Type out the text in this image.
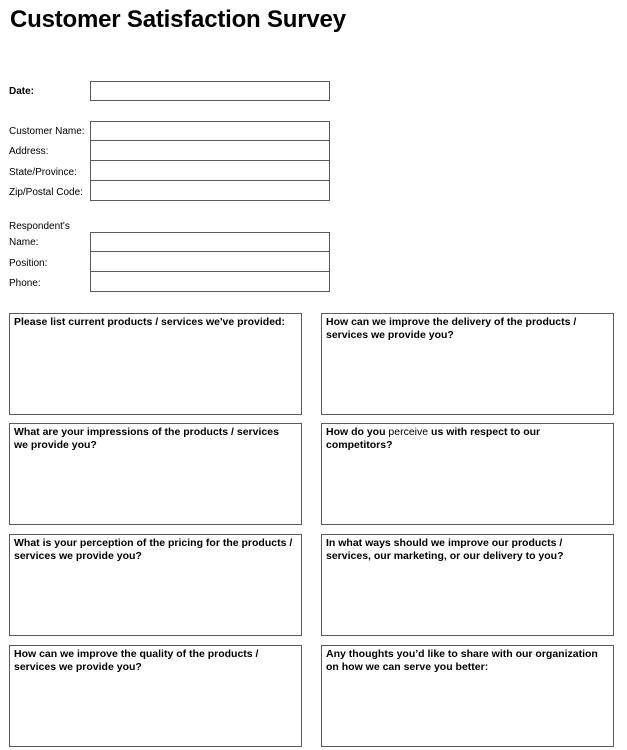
Customer Satisfaction Survey
Date:
Customer Name:
Address:
State/Province:
Zip/Postal Code:
Respondent's
Name:
Position:
Phone:
Please list current products / services we've provided:	How can we improve the delivery of the products / services we provide you?
What are your impressions of the products / services we provide you?
How do you perceive us with respect to our competitors?
What is your perception of the pricing for the products / services we provide you?
In what ways should we improve our products / services, our marketing, or our delivery to you?
How can we improve the quality of the products / services we provide you?
Any thoughts you’d like to share with our organization on how we can serve you better:
